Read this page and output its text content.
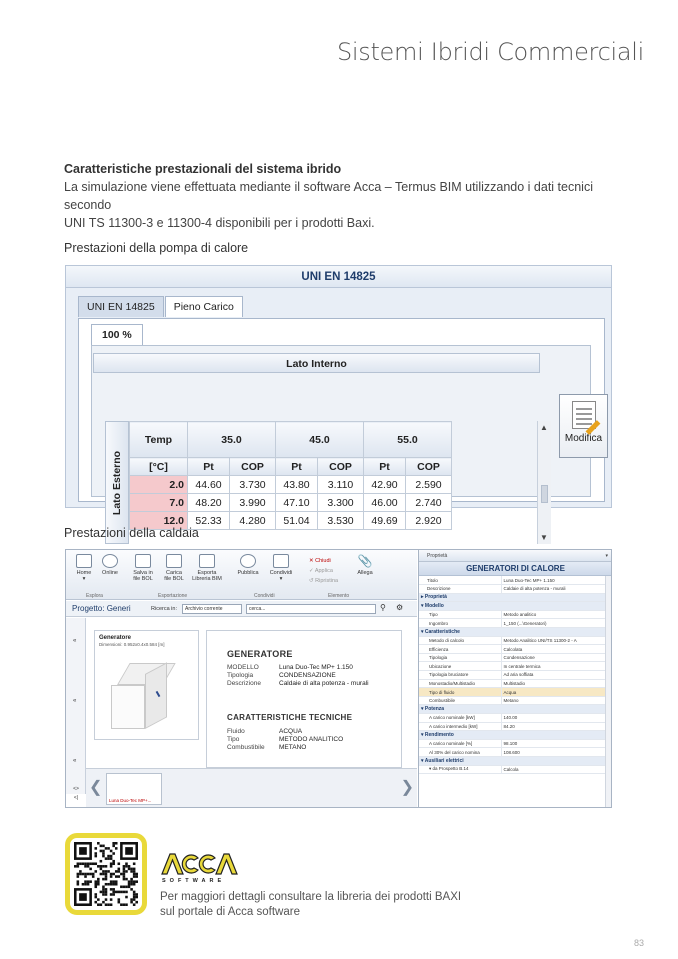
Sistemi Ibridi Commerciali
Caratteristiche prestazionali del sistema ibrido
La simulazione viene effettuata mediante il software Acca – Termus BIM utilizzando i dati tecnici secondo
UNI TS 11300-3 e 11300-4 disponibili per i prodotti Baxi.
Prestazioni della pompa di calore
UNI EN 14825
UNI EN 14825	Pieno Carico
100 %
Lato Interno
Lato Esterno
Temp	35.0		45.0		55.0	
[°C]	Pt	COP	Pt	COP	Pt	COP
2.0	44.60	3.730	43.80	3.110	42.90	2.590
7.0	48.20	3.990	47.10	3.300	46.00	2.740
12.0	52.33	4.280	51.04	3.530	49.69	2.920
▲
▼
Modifica
Prestazioni della caldaia
Home
▾
Online	Salva in
file BOL
Carica
file BOL
Esporta
Libreria BIM
Pubblica	Condividi
▾
✕ Chiudi
✓ Applica
↺ Ripristina
📎
Allega
Esplora	Esportazione	Condividi	Elemento
Progetto: Generi	Ricerca in:	Archivio corrente	cerca...	⚲ ⚙
«
«
«
Generatore
Dimensioni: 0.952x0.4x0.584 [m]
GENERATORE
MODELLO	Luna Duo-Tec MP+ 1.150
Tipologia	CONDENSAZIONE
Descrizione	Caldaie di alta potenza - murali
CARATTERISTICHE TECNICHE
Fluido	ACQUA
Tipo	METODO ANALITICO
Combustibile	METANO
❮
Luna Duo-Tec MP+...
❯
<>
<|
Proprietà	▾
GENERATORI DI CALORE
Titolo	Luna Duo-Tec MP+ 1.150
Descrizione	Caldaie di alta potenza - murali
▸ Proprietà	
▾ Modello	
Tipo	Metodo analitico
Ingombro	1_150 (...\Generatori)
▾ Caratteristiche	
Metodo di calcolo	Metodo Analitico UNI/TS 11300-2 - A
Efficienza	Calcolata
Tipologia	Condensazione
Ubicazione	In centrale termica
Tipologia bruciatore	Ad aria soffiata
Monostadio/Multistadio	Multistadio
Tipo di fluido	Acqua
Combustibile	Metano
▾ Potenza	
A carico nominale [kW]	140.00
A carico intermedio [kW]	84.20
▾ Rendimento	
A carico nominale [%]	98.100
Al 30% del carico nomina	108.600
▾ Ausiliari elettrici	
▾ da Prospetto B.14	Calcola
SOFTWARE
Per maggiori dettagli consultare la libreria dei prodotti BAXI
sul portale di Acca software
83
